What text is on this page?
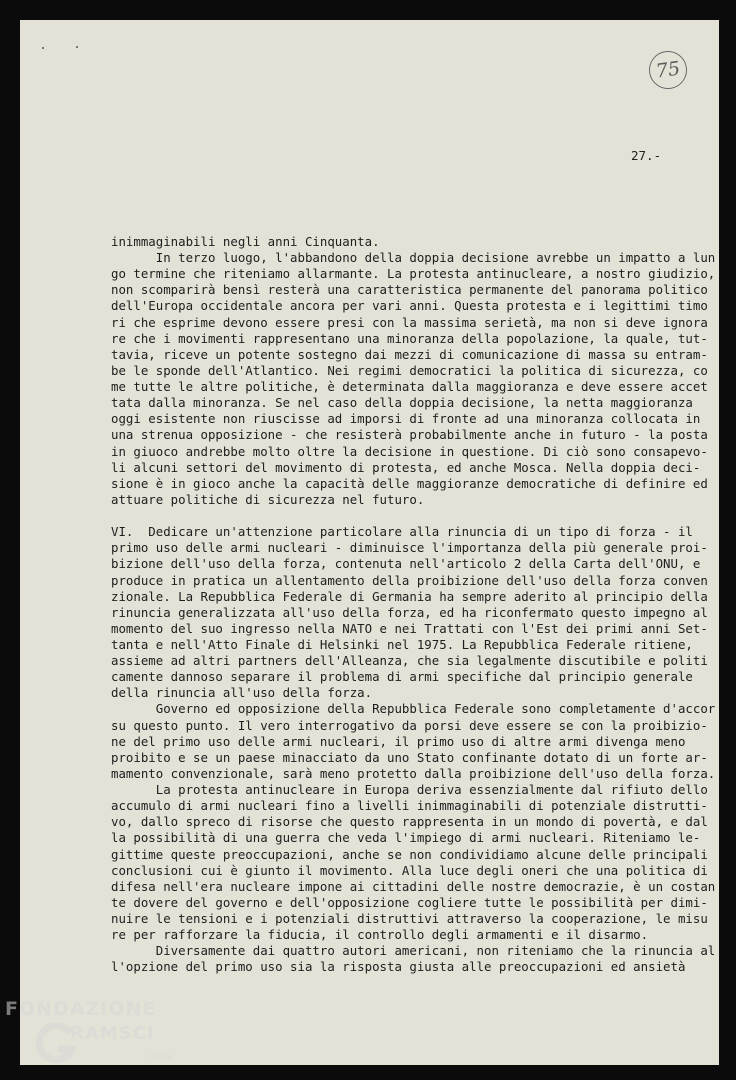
75
27.-
inimmaginabili negli anni Cinquanta.
In terzo luogo, l'abbandono della doppia decisione avrebbe un impatto a lun
go termine che riteniamo allarmante. La protesta antinucleare, a nostro giudizio,
non scomparirà bensì resterà una caratteristica permanente del panorama politico
dell'Europa occidentale ancora per vari anni. Questa protesta e i legittimi timo
ri che esprime devono essere presi con la massima serietà, ma non si deve ignora
re che i movimenti rappresentano una minoranza della popolazione, la quale, tut-
tavia, riceve un potente sostegno dai mezzi di comunicazione di massa su entram-
be le sponde dell'Atlantico. Nei regimi democratici la politica di sicurezza, co
me tutte le altre politiche, è determinata dalla maggioranza e deve essere accet
tata dalla minoranza. Se nel caso della doppia decisione, la netta maggioranza
oggi esistente non riuscisse ad imporsi di fronte ad una minoranza collocata in
una strenua opposizione - che resisterà probabilmente anche in futuro - la posta
in giuoco andrebbe molto oltre la decisione in questione. Di ciò sono consapevo-
li alcuni settori del movimento di protesta, ed anche Mosca. Nella doppia deci-
sione è in gioco anche la capacità delle maggioranze democratiche di definire ed
attuare politiche di sicurezza nel futuro.
VI.  Dedicare un'attenzione particolare alla rinuncia di un tipo di forza - il
primo uso delle armi nucleari - diminuisce l'importanza della più generale proi-
bizione dell'uso della forza, contenuta nell'articolo 2 della Carta dell'ONU, e
produce in pratica un allentamento della proibizione dell'uso della forza conven
zionale. La Repubblica Federale di Germania ha sempre aderito al principio della
rinuncia generalizzata all'uso della forza, ed ha riconfermato questo impegno al
momento del suo ingresso nella NATO e nei Trattati con l'Est dei primi anni Set-
tanta e nell'Atto Finale di Helsinki nel 1975. La Repubblica Federale ritiene,
assieme ad altri partners dell'Alleanza, che sia legalmente discutibile e politi
camente dannoso separare il problema di armi specifiche dal principio generale
della rinuncia all'uso della forza.
Governo ed opposizione della Repubblica Federale sono completamente d'accor
su questo punto. Il vero interrogativo da porsi deve essere se con la proibizio-
ne del primo uso delle armi nucleari, il primo uso di altre armi divenga meno
proibito e se un paese minacciato da uno Stato confinante dotato di un forte ar-
mamento convenzionale, sarà meno protetto dalla proibizione dell'uso della forza.
La protesta antinucleare in Europa deriva essenzialmente dal rifiuto dello
accumulo di armi nucleari fino a livelli inimmaginabili di potenziale distrutti-
vo, dallo spreco di risorse che questo rappresenta in un mondo di povertà, e dal
la possibilità di una guerra che veda l'impiego di armi nucleari. Riteniamo le-
gittime queste preoccupazioni, anche se non condividiamo alcune delle principali
conclusioni cui è giunto il movimento. Alla luce degli oneri che una politica di
difesa nell'era nucleare impone ai cittadini delle nostre democrazie, è un costan
te dovere del governo e dell'opposizione cogliere tutte le possibilità per dimi-
nuire le tensioni e i potenziali distruttivi attraverso la cooperazione, le misu
re per rafforzare la fiducia, il controllo degli armamenti e il disarmo.
Diversamente dai quattro autori americani, non riteniamo che la rinuncia al
l'opzione del primo uso sia la risposta giusta alle preoccupazioni ed ansietà
FONDAZIONE
RAMSCI
onlus
